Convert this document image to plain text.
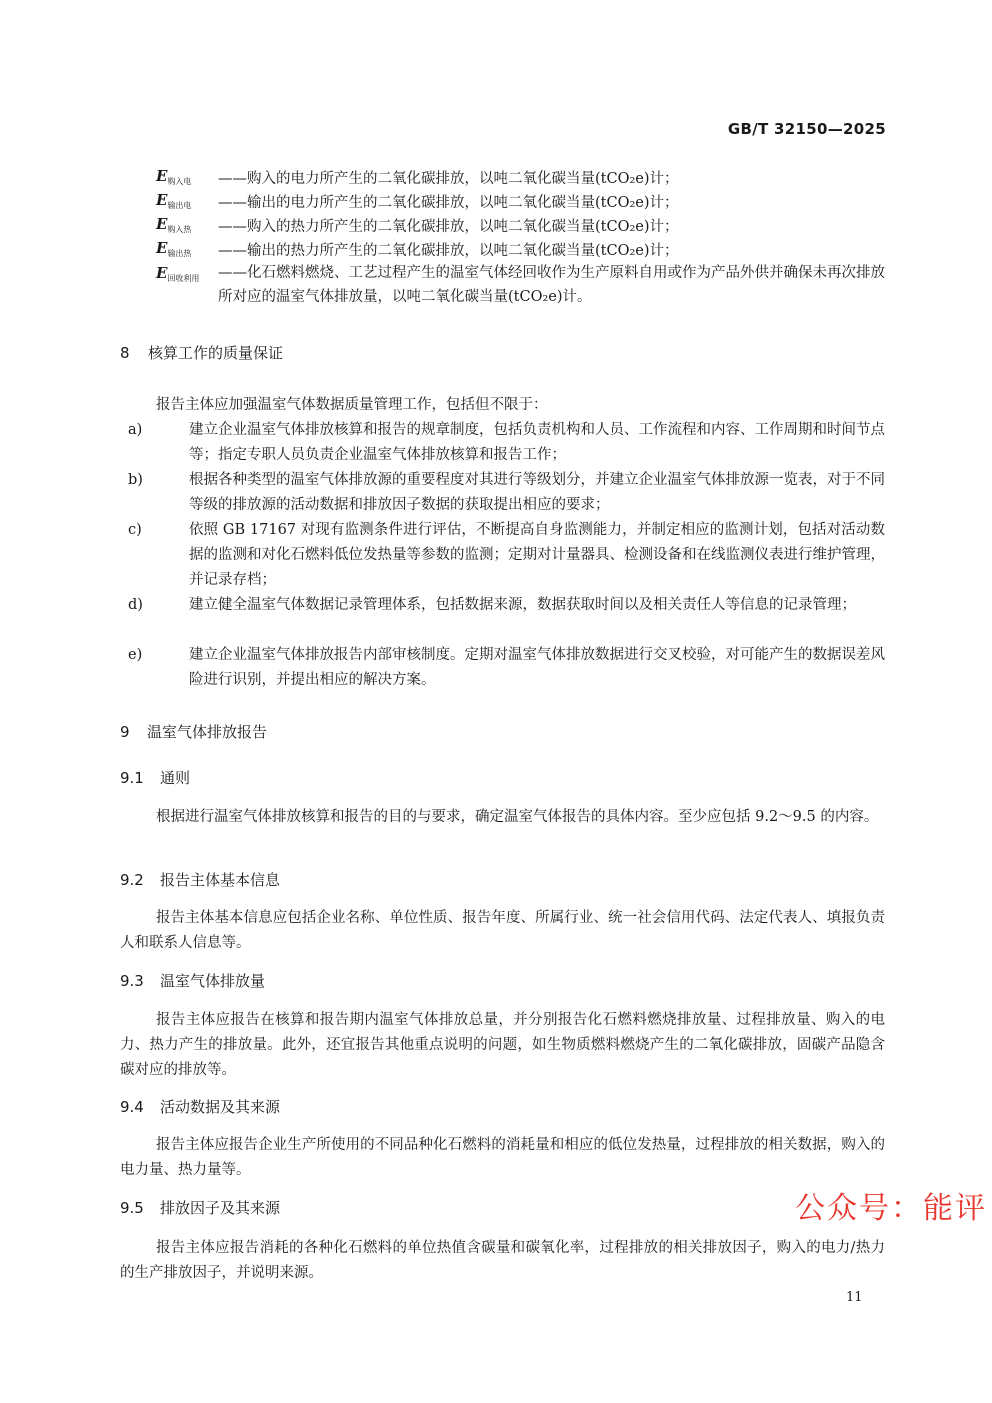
GB/T 32150—2025
$E_{购入电}$	——购入的电力所产生的二氧化碳排放，以吨二氧化碳当量(tCO₂e)计；
$E_{输出电}$	——输出的电力所产生的二氧化碳排放，以吨二氧化碳当量(tCO₂e)计；
$E_{购入热}$	——购入的热力所产生的二氧化碳排放，以吨二氧化碳当量(tCO₂e)计；
$E_{输出热}$	——输出的热力所产生的二氧化碳排放，以吨二氧化碳当量(tCO₂e)计；
$E_{回收利用}$	——化石燃料燃烧、工艺过程产生的温室气体经回收作为生产原料自用或作为产品外供并确保未再次排放所对应的温室气体排放量，以吨二氧化碳当量(tCO₂e)计。
8 核算工作的质量保证
报告主体应加强温室气体数据质量管理工作，包括但不限于：
a)	建立企业温室气体排放核算和报告的规章制度，包括负责机构和人员、工作流程和内容、工作周期和时间节点等；指定专职人员负责企业温室气体排放核算和报告工作；
b)	根据各种类型的温室气体排放源的重要程度对其进行等级划分，并建立企业温室气体排放源一览表，对于不同等级的排放源的活动数据和排放因子数据的获取提出相应的要求；
c)	依照 GB 17167 对现有监测条件进行评估，不断提高自身监测能力，并制定相应的监测计划，包括对活动数据的监测和对化石燃料低位发热量等参数的监测；定期对计量器具、检测设备和在线监测仪表进行维护管理，并记录存档；
d)	建立健全温室气体数据记录管理体系，包括数据来源，数据获取时间以及相关责任人等信息的记录管理；
e)	建立企业温室气体排放报告内部审核制度。定期对温室气体排放数据进行交叉校验，对可能产生的数据误差风险进行识别，并提出相应的解决方案。
9 温室气体排放报告
9.1 通则
根据进行温室气体排放核算和报告的目的与要求，确定温室气体报告的具体内容。至少应包括 9.2～9.5 的内容。
9.2 报告主体基本信息
报告主体基本信息应包括企业名称、单位性质、报告年度、所属行业、统一社会信用代码、法定代表人、填报负责人和联系人信息等。
9.3 温室气体排放量
报告主体应报告在核算和报告期内温室气体排放总量，并分别报告化石燃料燃烧排放量、过程排放量、购入的电力、热力产生的排放量。此外，还宜报告其他重点说明的问题，如生物质燃料燃烧产生的二氧化碳排放，固碳产品隐含碳对应的排放等。
9.4 活动数据及其来源
报告主体应报告企业生产所使用的不同品种化石燃料的消耗量和相应的低位发热量，过程排放的相关数据，购入的电力量、热力量等。
9.5 排放因子及其来源
报告主体应报告消耗的各种化石燃料的单位热值含碳量和碳氧化率，过程排放的相关排放因子，购入的电力/热力的生产排放因子，并说明来源。
公众号：能评
11
